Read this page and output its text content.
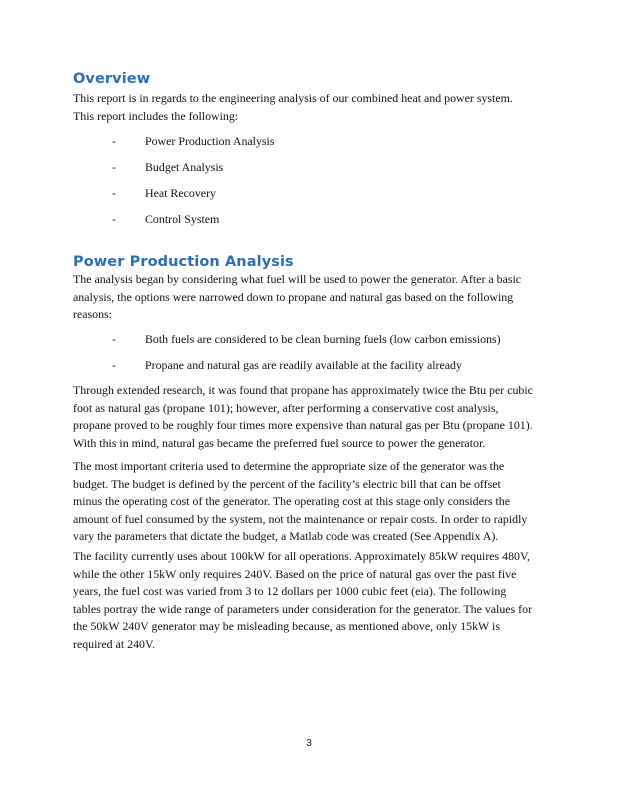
Overview

This report is in regards to the engineering analysis of our combined heat and power system.
This report includes the following:

- Power Production Analysis
- Budget Analysis
- Heat Recovery
- Control System
Power Production Analysis

The analysis began by considering what fuel will be used to power the generator. After a basic
analysis, the options were narrowed down to propane and natural gas based on the following
reasons:

- Both fuels are considered to be clean burning fuels (low carbon emissions)
- Propane and natural gas are readily available at the facility already

Through extended research, it was found that propane has approximately twice the Btu per cubic
foot as natural gas (propane 101); however, after performing a conservative cost analysis,
propane proved to be roughly four times more expensive than natural gas per Btu (propane 101).
With this in mind, natural gas became the preferred fuel source to power the generator.

The most important criteria used to determine the appropriate size of the generator was the
budget. The budget is defined by the percent of the facility’s electric bill that can be offset
minus the operating cost of the generator. The operating cost at this stage only considers the
amount of fuel consumed by the system, not the maintenance or repair costs. In order to rapidly
vary the parameters that dictate the budget, a Matlab code was created (See Appendix A).

The facility currently uses about 100kW for all operations. Approximately 85kW requires 480V,
while the other 15kW only requires 240V. Based on the price of natural gas over the past five
years, the fuel cost was varied from 3 to 12 dollars per 1000 cubic feet (eia). The following
tables portray the wide range of parameters under consideration for the generator. The values for
the 50kW 240V generator may be misleading because, as mentioned above, only 15kW is
required at 240V.

3
